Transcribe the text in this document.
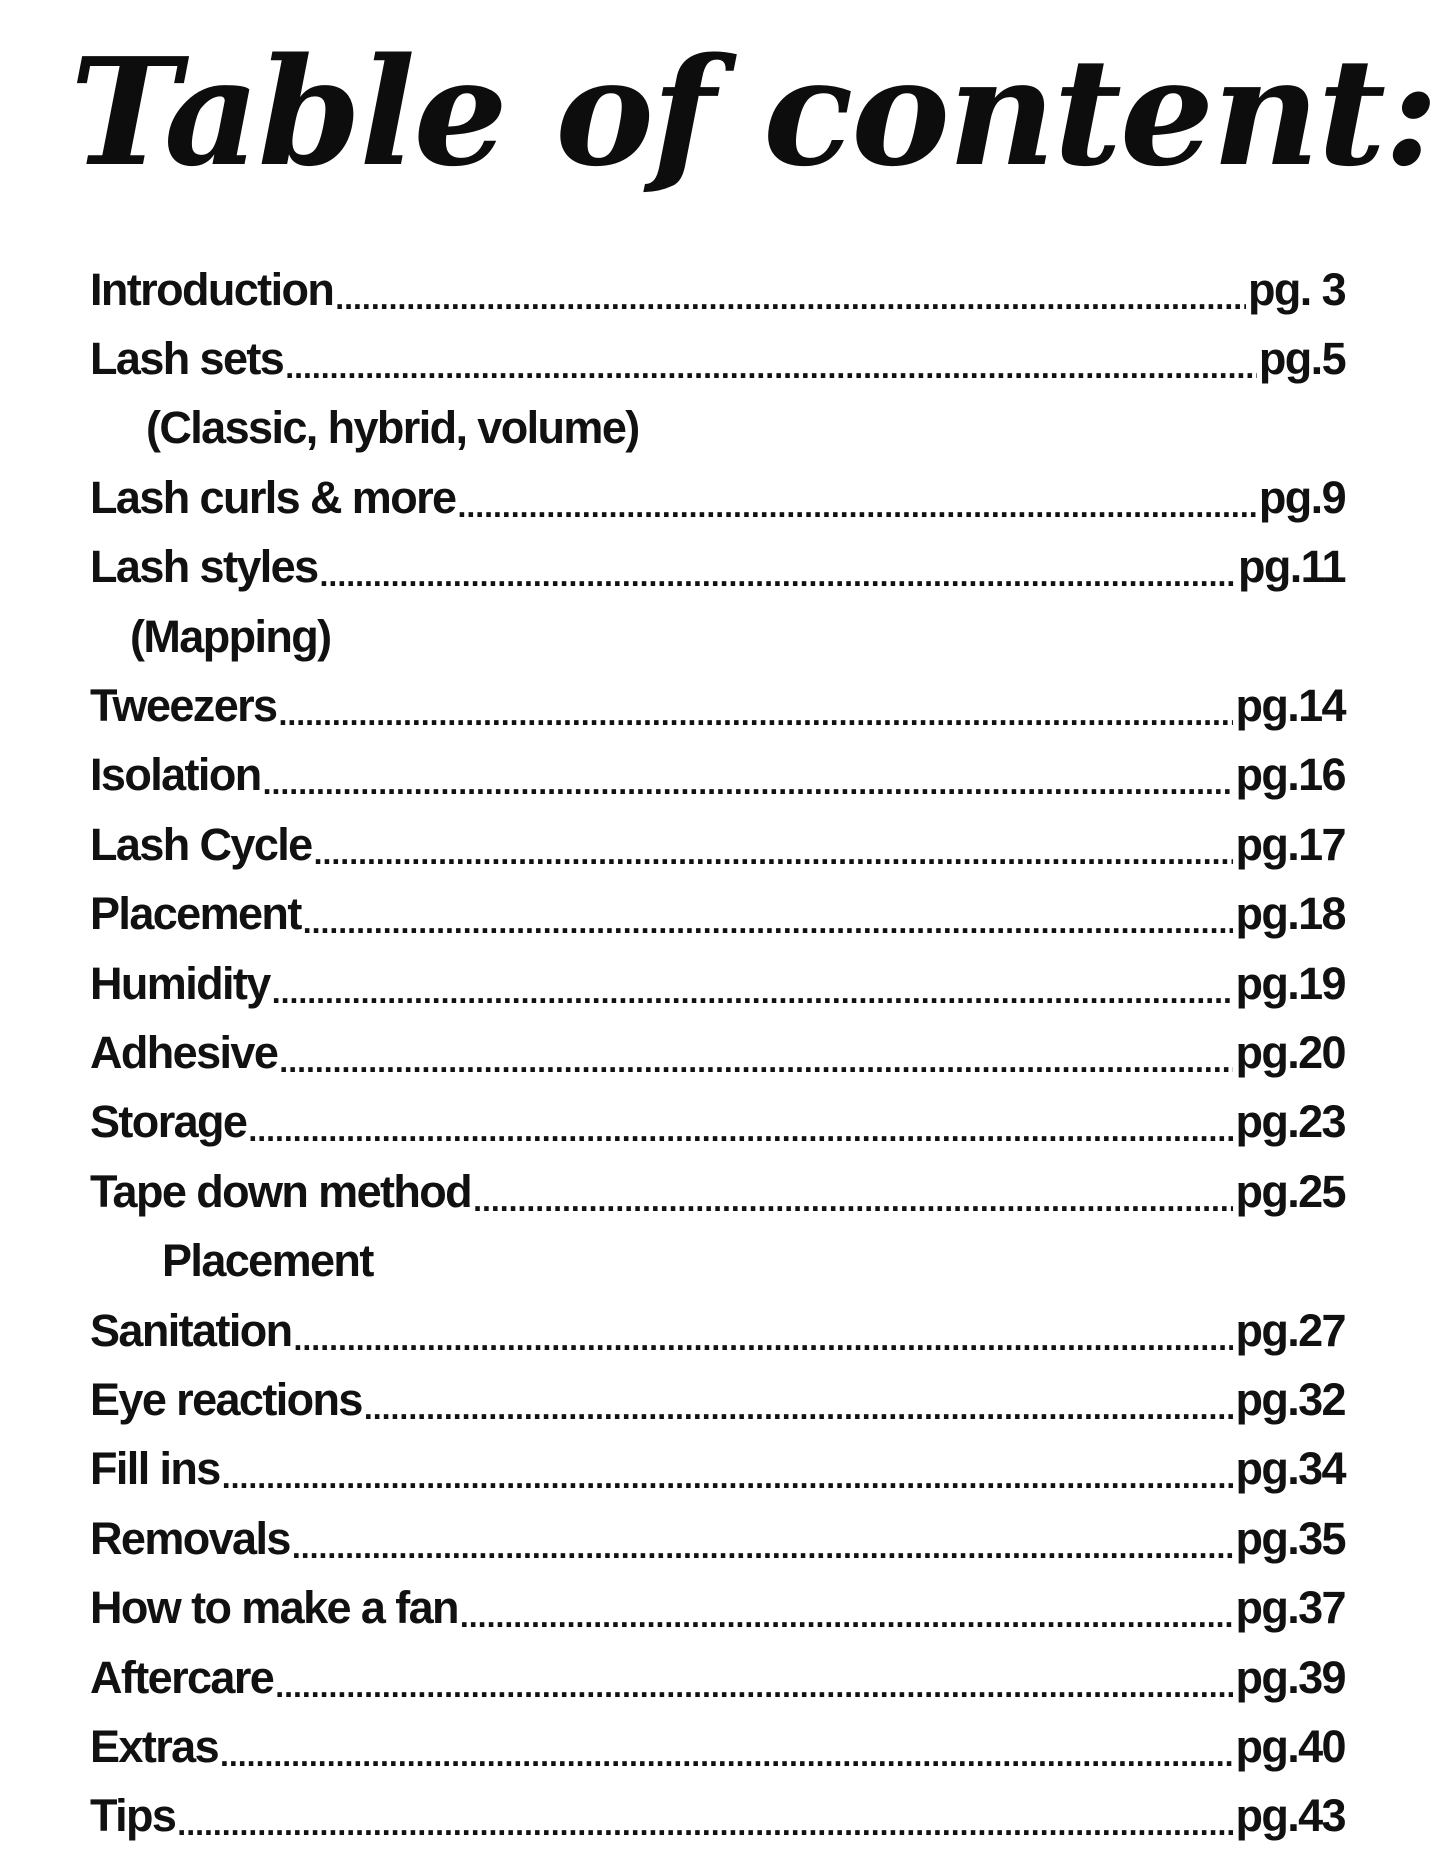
Table of content:
Introduction .....	pg. 3
Lash sets .....	pg.5
(Classic, hybrid, volume)
Lash curls & more .....	pg.9
Lash styles .....	pg.11
(Mapping)
Tweezers .....	pg.14
Isolation .....	pg.16
Lash Cycle .....	pg.17
Placement .....	pg.18
Humidity .....	pg.19
Adhesive .....	pg.20
Storage .....	pg.23
Tape down method .....	pg.25
Placement
Sanitation .....	pg.27
Eye reactions .....	pg.32
Fill ins .....	pg.34
Removals .....	pg.35
How to make a fan .....	pg.37
Aftercare .....	pg.39
Extras .....	pg.40
Tips .....	pg.43
